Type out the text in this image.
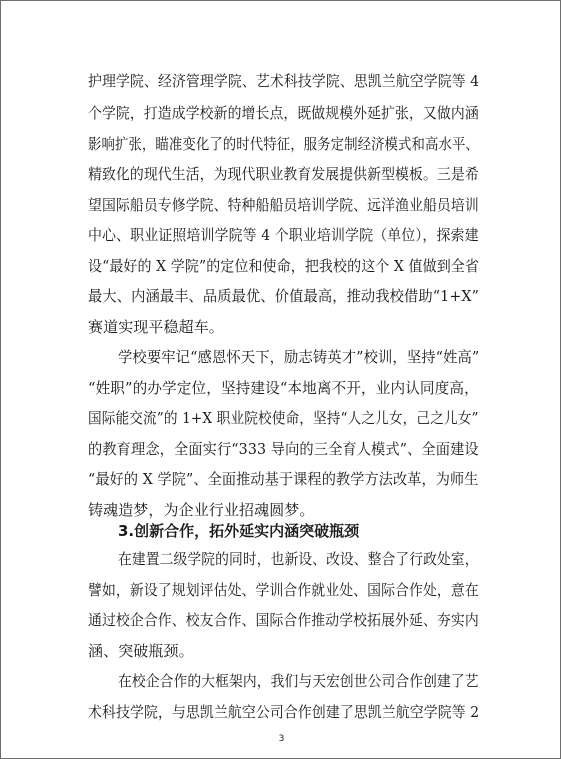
护理学院、经济管理学院、艺术科技学院、思凯兰航空学院等 4
个学院，打造成学校新的增长点，既做规模外延扩张，又做内涵
影响扩张，瞄准变化了的时代特征，服务定制经济模式和高水平、
精致化的现代生活，为现代职业教育发展提供新型模板。三是希
望国际船员专修学院、特种船船员培训学院、远洋渔业船员培训
中心、职业证照培训学院等 4 个职业培训学院（单位），探索建
设“最好的 X 学院”的定位和使命，把我校的这个 X 值做到全省
最大、内涵最丰、品质最优、价值最高，推动我校借助“1+X”
赛道实现平稳超车。
学校要牢记“感恩怀天下，励志铸英才”校训，坚持“姓高”
“姓职”的办学定位，坚持建设“本地离不开，业内认同度高，
国际能交流”的 1+X 职业院校使命，坚持“人之儿女，己之儿女”
的教育理念，全面实行“333 导向的三全育人模式”、全面建设
“最好的 X 学院”、全面推动基于课程的教学方法改革，为师生
铸魂造梦，为企业行业招魂圆梦。
3.创新合作，拓外延实内涵突破瓶颈
在建置二级学院的同时，也新设、改设、整合了行政处室，
譬如，新设了规划评估处、学训合作就业处、国际合作处，意在
通过校企合作、校友合作、国际合作推动学校拓展外延、夯实内
涵、突破瓶颈。
在校企合作的大框架内，我们与天宏创世公司合作创建了艺
术科技学院，与思凯兰航空公司合作创建了思凯兰航空学院等 2
3
